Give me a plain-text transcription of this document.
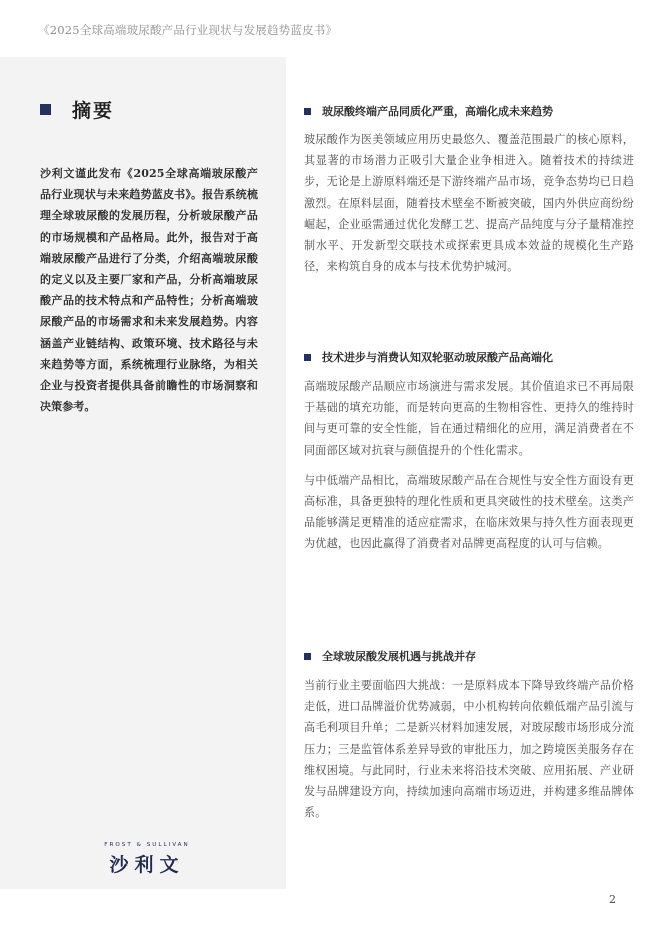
《2025全球高端玻尿酸产品行业现状与发展趋势蓝皮书》
摘要

沙利文谨此发布《2025全球高端玻尿酸产品行业现状与未来趋势蓝皮书》。报告系统梳理全球玻尿酸的发展历程，分析玻尿酸产品的市场规模和产品格局。此外，报告对于高端玻尿酸产品进行了分类，介绍高端玻尿酸的定义以及主要厂家和产品，分析高端玻尿酸产品的技术特点和产品特性；分析高端玻尿酸产品的市场需求和未来发展趋势。内容涵盖产业链结构、政策环境、技术路径与未来趋势等方面，系统梳理行业脉络，为相关企业与投资者提供具备前瞻性的市场洞察和决策参考。

FROST & SULLIVAN
沙利文
玻尿酸终端产品同质化严重，高端化成未来趋势

玻尿酸作为医美领域应用历史最悠久、覆盖范围最广的核心原料，其显著的市场潜力正吸引大量企业争相进入。随着技术的持续进步，无论是上游原料端还是下游终端产品市场，竞争态势均已日趋激烈。在原料层面，随着技术壁垒不断被突破，国内外供应商纷纷崛起，企业亟需通过优化发酵工艺、提高产品纯度与分子量精准控制水平、开发新型交联技术或探索更具成本效益的规模化生产路径，来构筑自身的成本与技术优势护城河。

技术进步与消费认知双轮驱动玻尿酸产品高端化

高端玻尿酸产品顺应市场演进与需求发展。其价值追求已不再局限于基础的填充功能，而是转向更高的生物相容性、更持久的维持时间与更可靠的安全性能，旨在通过精细化的应用，满足消费者在不同面部区域对抗衰与颜值提升的个性化需求。

与中低端产品相比，高端玻尿酸产品在合规性与安全性方面设有更高标准，具备更独特的理化性质和更具突破性的技术壁垒。这类产品能够满足更精准的适应症需求，在临床效果与持久性方面表现更为优越，也因此赢得了消费者对品牌更高程度的认可与信赖。

全球玻尿酸发展机遇与挑战并存

当前行业主要面临四大挑战：一是原料成本下降导致终端产品价格走低，进口品牌溢价优势减弱，中小机构转向依赖低端产品引流与高毛利项目升单；二是新兴材料加速发展，对玻尿酸市场形成分流压力；三是监管体系差异导致的审批压力，加之跨境医美服务存在维权困境。与此同时，行业未来将沿技术突破、应用拓展、产业研发与品牌建设方向，持续加速向高端市场迈进，并构建多维品牌体系。

2
